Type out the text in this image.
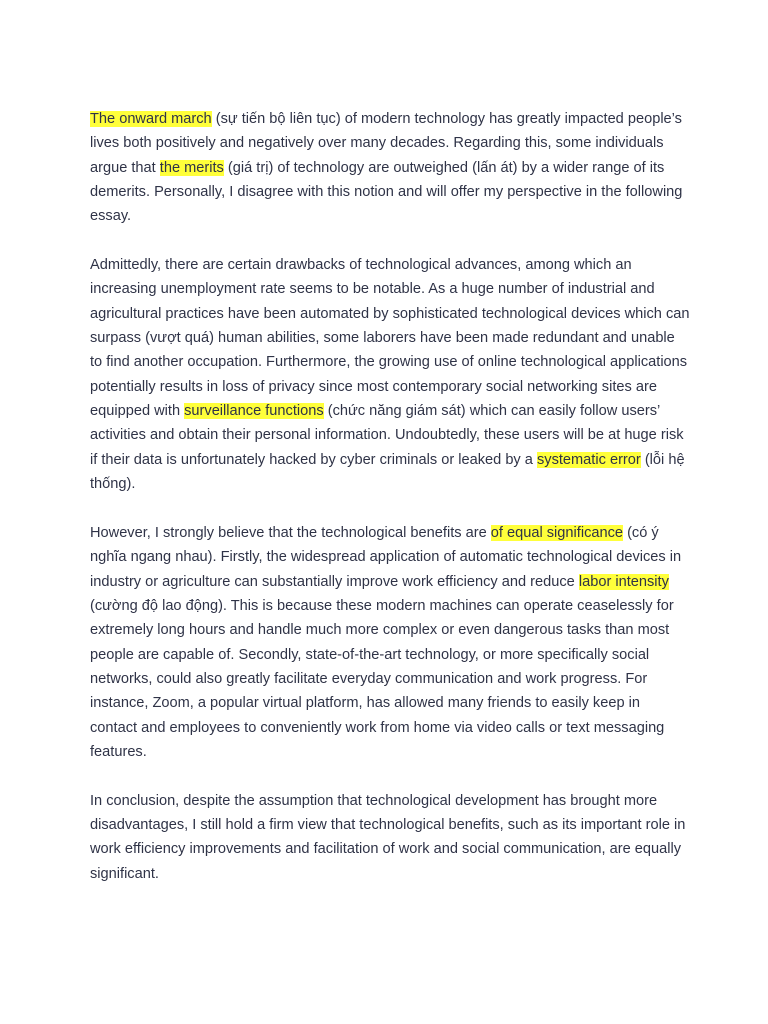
The onward march (sự tiến bộ liên tục) of modern technology has greatly impacted people’s lives both positively and negatively over many decades. Regarding this, some individuals argue that the merits (giá trị) of technology are outweighed (lấn át) by a wider range of its demerits. Personally, I disagree with this notion and will offer my perspective in the following essay.

Admittedly, there are certain drawbacks of technological advances, among which an increasing unemployment rate seems to be notable. As a huge number of industrial and agricultural practices have been automated by sophisticated technological devices which can surpass (vượt quá) human abilities, some laborers have been made redundant and unable to find another occupation. Furthermore, the growing use of online technological applications potentially results in loss of privacy since most contemporary social networking sites are equipped with surveillance functions (chức năng giám sát) which can easily follow users’ activities and obtain their personal information. Undoubtedly, these users will be at huge risk if their data is unfortunately hacked by cyber criminals or leaked by a systematic error (lỗi hệ thống).

However, I strongly believe that the technological benefits are of equal significance (có ý nghĩa ngang nhau). Firstly, the widespread application of automatic technological devices in industry or agriculture can substantially improve work efficiency and reduce labor intensity (cường độ lao động). This is because these modern machines can operate ceaselessly for extremely long hours and handle much more complex or even dangerous tasks than most people are capable of. Secondly, state-of-the-art technology, or more specifically social networks, could also greatly facilitate everyday communication and work progress. For instance, Zoom, a popular virtual platform, has allowed many friends to easily keep in contact and employees to conveniently work from home via video calls or text messaging features.

In conclusion, despite the assumption that technological development has brought more disadvantages, I still hold a firm view that technological benefits, such as its important role in work efficiency improvements and facilitation of work and social communication, are equally significant.
